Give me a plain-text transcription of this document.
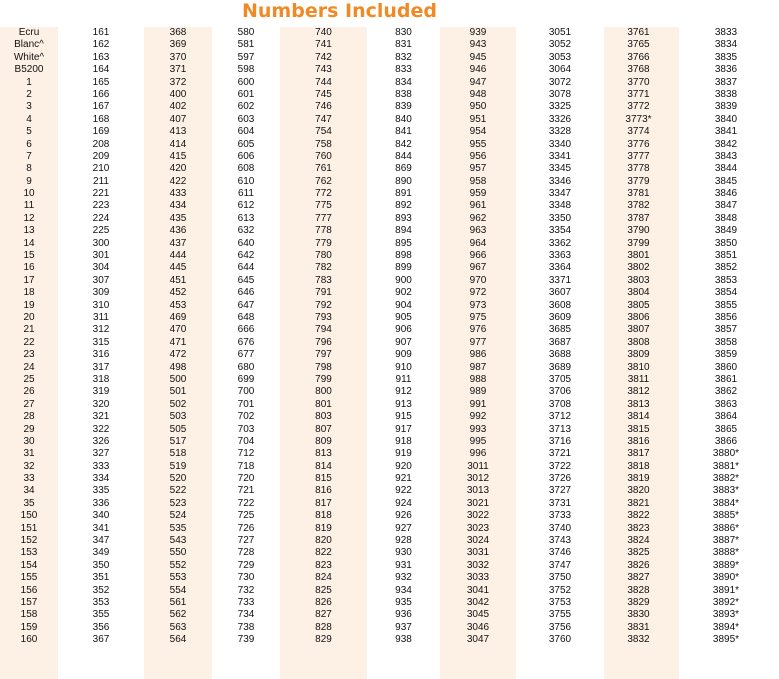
Numbers Included
Ecru	161	368	580	740	830	939	3051	3761	3833
Blanc^	162	369	581	741	831	943	3052	3765	3834
White^	163	370	597	742	832	945	3053	3766	3835
B5200	164	371	598	743	833	946	3064	3768	3836
1	165	372	600	744	834	947	3072	3770	3837
2	166	400	601	745	838	948	3078	3771	3838
3	167	402	602	746	839	950	3325	3772	3839
4	168	407	603	747	840	951	3326	3773*	3840
5	169	413	604	754	841	954	3328	3774	3841
6	208	414	605	758	842	955	3340	3776	3842
7	209	415	606	760	844	956	3341	3777	3843
8	210	420	608	761	869	957	3345	3778	3844
9	211	422	610	762	890	958	3346	3779	3845
10	221	433	611	772	891	959	3347	3781	3846
11	223	434	612	775	892	961	3348	3782	3847
12	224	435	613	777	893	962	3350	3787	3848
13	225	436	632	778	894	963	3354	3790	3849
14	300	437	640	779	895	964	3362	3799	3850
15	301	444	642	780	898	966	3363	3801	3851
16	304	445	644	782	899	967	3364	3802	3852
17	307	451	645	783	900	970	3371	3803	3853
18	309	452	646	791	902	972	3607	3804	3854
19	310	453	647	792	904	973	3608	3805	3855
20	311	469	648	793	905	975	3609	3806	3856
21	312	470	666	794	906	976	3685	3807	3857
22	315	471	676	796	907	977	3687	3808	3858
23	316	472	677	797	909	986	3688	3809	3859
24	317	498	680	798	910	987	3689	3810	3860
25	318	500	699	799	911	988	3705	3811	3861
26	319	501	700	800	912	989	3706	3812	3862
27	320	502	701	801	913	991	3708	3813	3863
28	321	503	702	803	915	992	3712	3814	3864
29	322	505	703	807	917	993	3713	3815	3865
30	326	517	704	809	918	995	3716	3816	3866
31	327	518	712	813	919	996	3721	3817	3880*
32	333	519	718	814	920	3011	3722	3818	3881*
33	334	520	720	815	921	3012	3726	3819	3882*
34	335	522	721	816	922	3013	3727	3820	3883*
35	336	523	722	817	924	3021	3731	3821	3884*
150	340	524	725	818	926	3022	3733	3822	3885*
151	341	535	726	819	927	3023	3740	3823	3886*
152	347	543	727	820	928	3024	3743	3824	3887*
153	349	550	728	822	930	3031	3746	3825	3888*
154	350	552	729	823	931	3032	3747	3826	3889*
155	351	553	730	824	932	3033	3750	3827	3890*
156	352	554	732	825	934	3041	3752	3828	3891*
157	353	561	733	826	935	3042	3753	3829	3892*
158	355	562	734	827	936	3045	3755	3830	3893*
159	356	563	738	828	937	3046	3756	3831	3894*
160	367	564	739	829	938	3047	3760	3832	3895*
